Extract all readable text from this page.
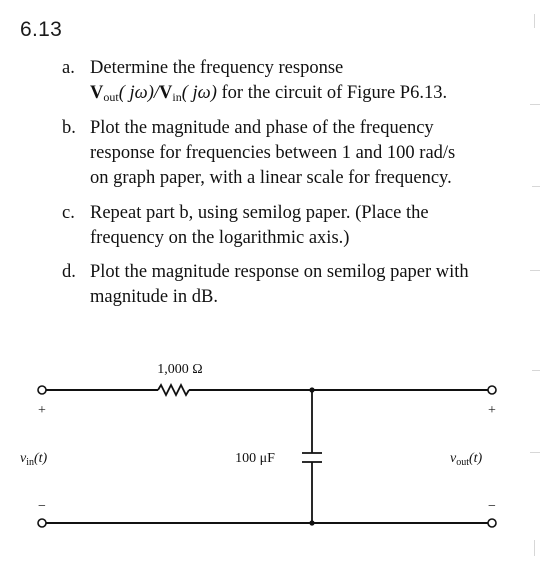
6.13
a. Determine the frequency response
Vout( jω)/Vin( jω) for the circuit of Figure P6.13.
b. Plot the magnitude and phase of the frequency
response for frequencies between 1 and 100 rad/s
on graph paper, with a linear scale for frequency.
c. Repeat part b, using semilog paper. (Place the
frequency on the logarithmic axis.)
d. Plot the magnitude response on semilog paper with
magnitude in dB.
1,000 Ω
100 μF
+
−
+
−
$v_{in}(t)$	$v_{out}(t)$
